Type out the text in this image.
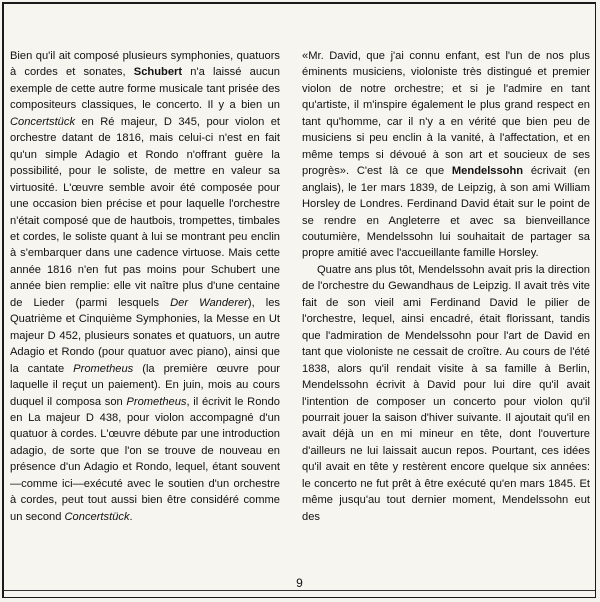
Bien qu'il ait composé plusieurs symphonies, quatuors à cordes et sonates, Schubert n'a laissé aucun exemple de cette autre forme musicale tant prisée des compositeurs classiques, le concerto. Il y a bien un Concertstück en Ré majeur, D 345, pour violon et orchestre datant de 1816, mais celui-ci n'est en fait qu'un simple Adagio et Rondo n'offrant guère la possibilité, pour le soliste, de mettre en valeur sa virtuosité. L'œuvre semble avoir été composée pour une occasion bien précise et pour laquelle l'orchestre n'était composé que de hautbois, trompettes, timbales et cordes, le soliste quant à lui se montrant peu enclin à s'embarquer dans une cadence virtuose. Mais cette année 1816 n'en fut pas moins pour Schubert une année bien remplie: elle vit naître plus d'une centaine de Lieder (parmi lesquels Der Wanderer), les Quatrième et Cinquième Symphonies, la Messe en Ut majeur D 452, plusieurs sonates et quatuors, un autre Adagio et Rondo (pour quatuor avec piano), ainsi que la cantate Prometheus (la première œuvre pour laquelle il reçut un paiement). En juin, mois au cours duquel il composa son Prometheus, il écrivit le Rondo en La majeur D 438, pour violon accompagné d'un quatuor à cordes. L'œuvre débute par une introduction adagio, de sorte que l'on se trouve de nouveau en présence d'un Adagio et Rondo, lequel, étant souvent—comme ici—exécuté avec le soutien d'un orchestre à cordes, peut tout aussi bien être considéré comme un second Concertstück.

«Mr. David, que j'ai connu enfant, est l'un de nos plus éminents musiciens, violoniste très distingué et premier violon de notre orchestre; et si je l'admire en tant qu'artiste, il m'inspire également le plus grand respect en tant qu'homme, car il n'y a en vérité que bien peu de musiciens si peu enclin à la vanité, à l'affectation, et en même temps si dévoué à son art et soucieux de ses progrès». C'est là ce que Mendelssohn écrivait (en anglais), le 1er mars 1839, de Leipzig, à son ami William Horsley de Londres. Ferdinand David était sur le point de se rendre en Angleterre et avec sa bienveillance coutumière, Mendelssohn lui souhaitait de partager sa propre amitié avec l'accueillante famille Horsley.

Quatre ans plus tôt, Mendelssohn avait pris la direction de l'orchestre du Gewandhaus de Leipzig. Il avait très vite fait de son vieil ami Ferdinand David le pilier de l'orchestre, lequel, ainsi encadré, était florissant, tandis que l'admiration de Mendelssohn pour l'art de David en tant que violoniste ne cessait de croître. Au cours de l'été 1838, alors qu'il rendait visite à sa famille à Berlin, Mendelssohn écrivit à David pour lui dire qu'il avait l'intention de composer un concerto pour violon qu'il pourrait jouer la saison d'hiver suivante. Il ajoutait qu'il en avait déjà un en mi mineur en tête, dont l'ouverture d'ailleurs ne lui laissait aucun repos. Pourtant, ces idées qu'il avait en tête y restèrent encore quelque six années: le concerto ne fut prêt à être exécuté qu'en mars 1845. Et même jusqu'au tout dernier moment, Mendelssohn eut des

9
